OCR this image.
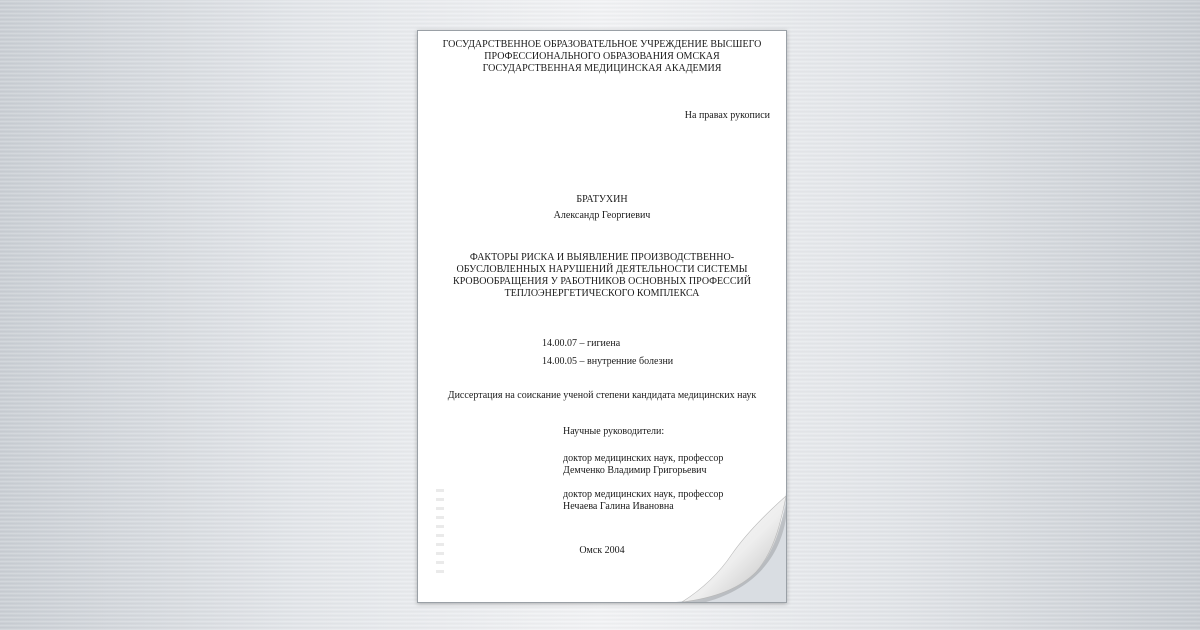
ГОСУДАРСТВЕННОЕ ОБРАЗОВАТЕЛЬНОЕ УЧРЕЖДЕНИЕ ВЫСШЕГО
ПРОФЕССИОНАЛЬНОГО ОБРАЗОВАНИЯ ОМСКАЯ
ГОСУДАРСТВЕННАЯ МЕДИЦИНСКАЯ АКАДЕМИЯ
На правах рукописи
БРАТУХИН
Александр Георгиевич
ФАКТОРЫ РИСКА И ВЫЯВЛЕНИЕ ПРОИЗВОДСТВЕННО-
ОБУСЛОВЛЕННЫХ НАРУШЕНИЙ ДЕЯТЕЛЬНОСТИ СИСТЕМЫ
КРОВООБРАЩЕНИЯ У РАБОТНИКОВ ОСНОВНЫХ ПРОФЕССИЙ
ТЕПЛОЭНЕРГЕТИЧЕСКОГО КОМПЛЕКСА
14.00.07 – гигиена
14.00.05 – внутренние болезни
Диссертация на соискание ученой степени кандидата медицинских наук
Научные руководители:
доктор медицинских наук, профессор
Демченко Владимир Григорьевич
доктор медицинских наук, профессор
Нечаева Галина Ивановна
Омск 2004
